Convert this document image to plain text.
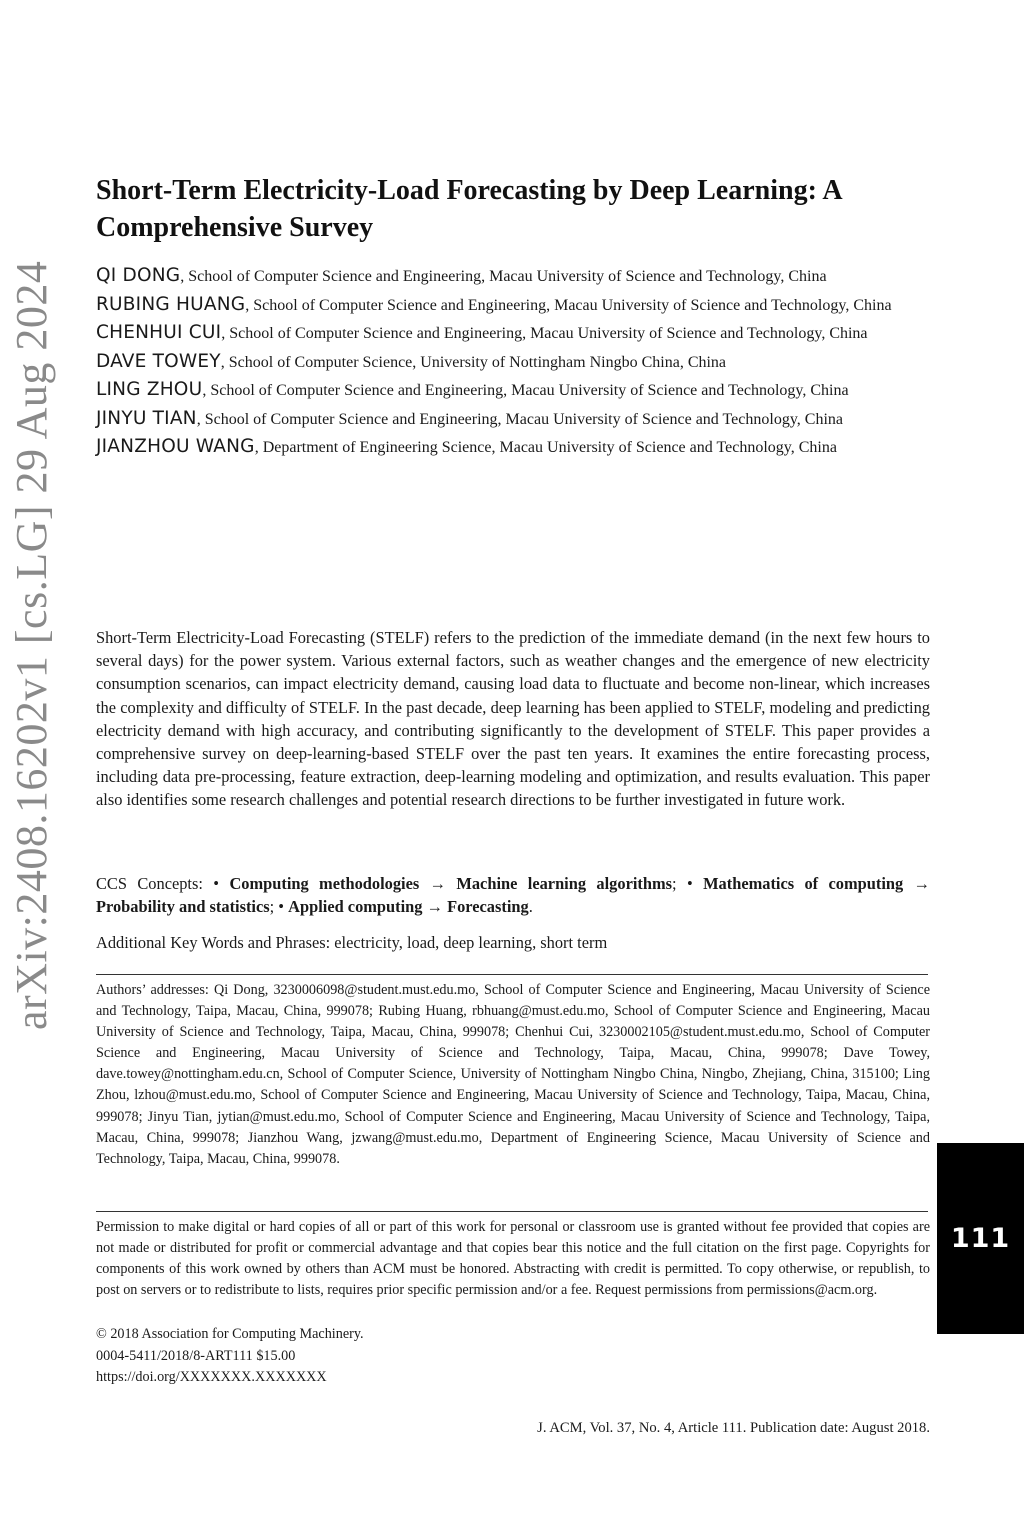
arXiv:2408.16202v1 [cs.LG] 29 Aug 2024
Short-Term Electricity-Load Forecasting by Deep Learning: A Comprehensive Survey
QI DONG, School of Computer Science and Engineering, Macau University of Science and Technology, China
RUBING HUANG, School of Computer Science and Engineering, Macau University of Science and Technology, China
CHENHUI CUI, School of Computer Science and Engineering, Macau University of Science and Technology, China
DAVE TOWEY, School of Computer Science, University of Nottingham Ningbo China, China
LING ZHOU, School of Computer Science and Engineering, Macau University of Science and Technology, China
JINYU TIAN, School of Computer Science and Engineering, Macau University of Science and Technology, China
JIANZHOU WANG, Department of Engineering Science, Macau University of Science and Technology, China

Short-Term Electricity-Load Forecasting (STELF) refers to the prediction of the immediate demand (in the next few hours to several days) for the power system. Various external factors, such as weather changes and the emergence of new electricity consumption scenarios, can impact electricity demand, causing load data to fluctuate and become non-linear, which increases the complexity and difficulty of STELF. In the past decade, deep learning has been applied to STELF, modeling and predicting electricity demand with high accuracy, and contributing significantly to the development of STELF. This paper provides a comprehensive survey on deep-learning-based STELF over the past ten years. It examines the entire forecasting process, including data pre-processing, feature extraction, deep-learning modeling and optimization, and results evaluation. This paper also identifies some research challenges and potential research directions to be further investigated in future work.

CCS Concepts: • Computing methodologies → Machine learning algorithms; • Mathematics of computing → Probability and statistics; • Applied computing → Forecasting.

Additional Key Words and Phrases: electricity, load, deep learning, short term

Authors’ addresses: Qi Dong, 3230006098@student.must.edu.mo, School of Computer Science and Engineering, Macau University of Science and Technology, Taipa, Macau, China, 999078; Rubing Huang, rbhuang@must.edu.mo, School of Computer Science and Engineering, Macau University of Science and Technology, Taipa, Macau, China, 999078; Chenhui Cui, 3230002105@student.must.edu.mo, School of Computer Science and Engineering, Macau University of Science and Technology, Taipa, Macau, China, 999078; Dave Towey, dave.towey@nottingham.edu.cn, School of Computer Science, University of Nottingham Ningbo China, Ningbo, Zhejiang, China, 315100; Ling Zhou, lzhou@must.edu.mo, School of Computer Science and Engineering, Macau University of Science and Technology, Taipa, Macau, China, 999078; Jinyu Tian, jytian@must.edu.mo, School of Computer Science and Engineering, Macau University of Science and Technology, Taipa, Macau, China, 999078; Jianzhou Wang, jzwang@must.edu.mo, Department of Engineering Science, Macau University of Science and Technology, Taipa, Macau, China, 999078.

Permission to make digital or hard copies of all or part of this work for personal or classroom use is granted without fee provided that copies are not made or distributed for profit or commercial advantage and that copies bear this notice and the full citation on the first page. Copyrights for components of this work owned by others than ACM must be honored. Abstracting with credit is permitted. To copy otherwise, or republish, to post on servers or to redistribute to lists, requires prior specific permission and/or a fee. Request permissions from permissions@acm.org.

© 2018 Association for Computing Machinery.
0004-5411/2018/8-ART111 $15.00
https://doi.org/XXXXXXX.XXXXXXX
J. ACM, Vol. 37, No. 4, Article 111. Publication date: August 2018.
111
